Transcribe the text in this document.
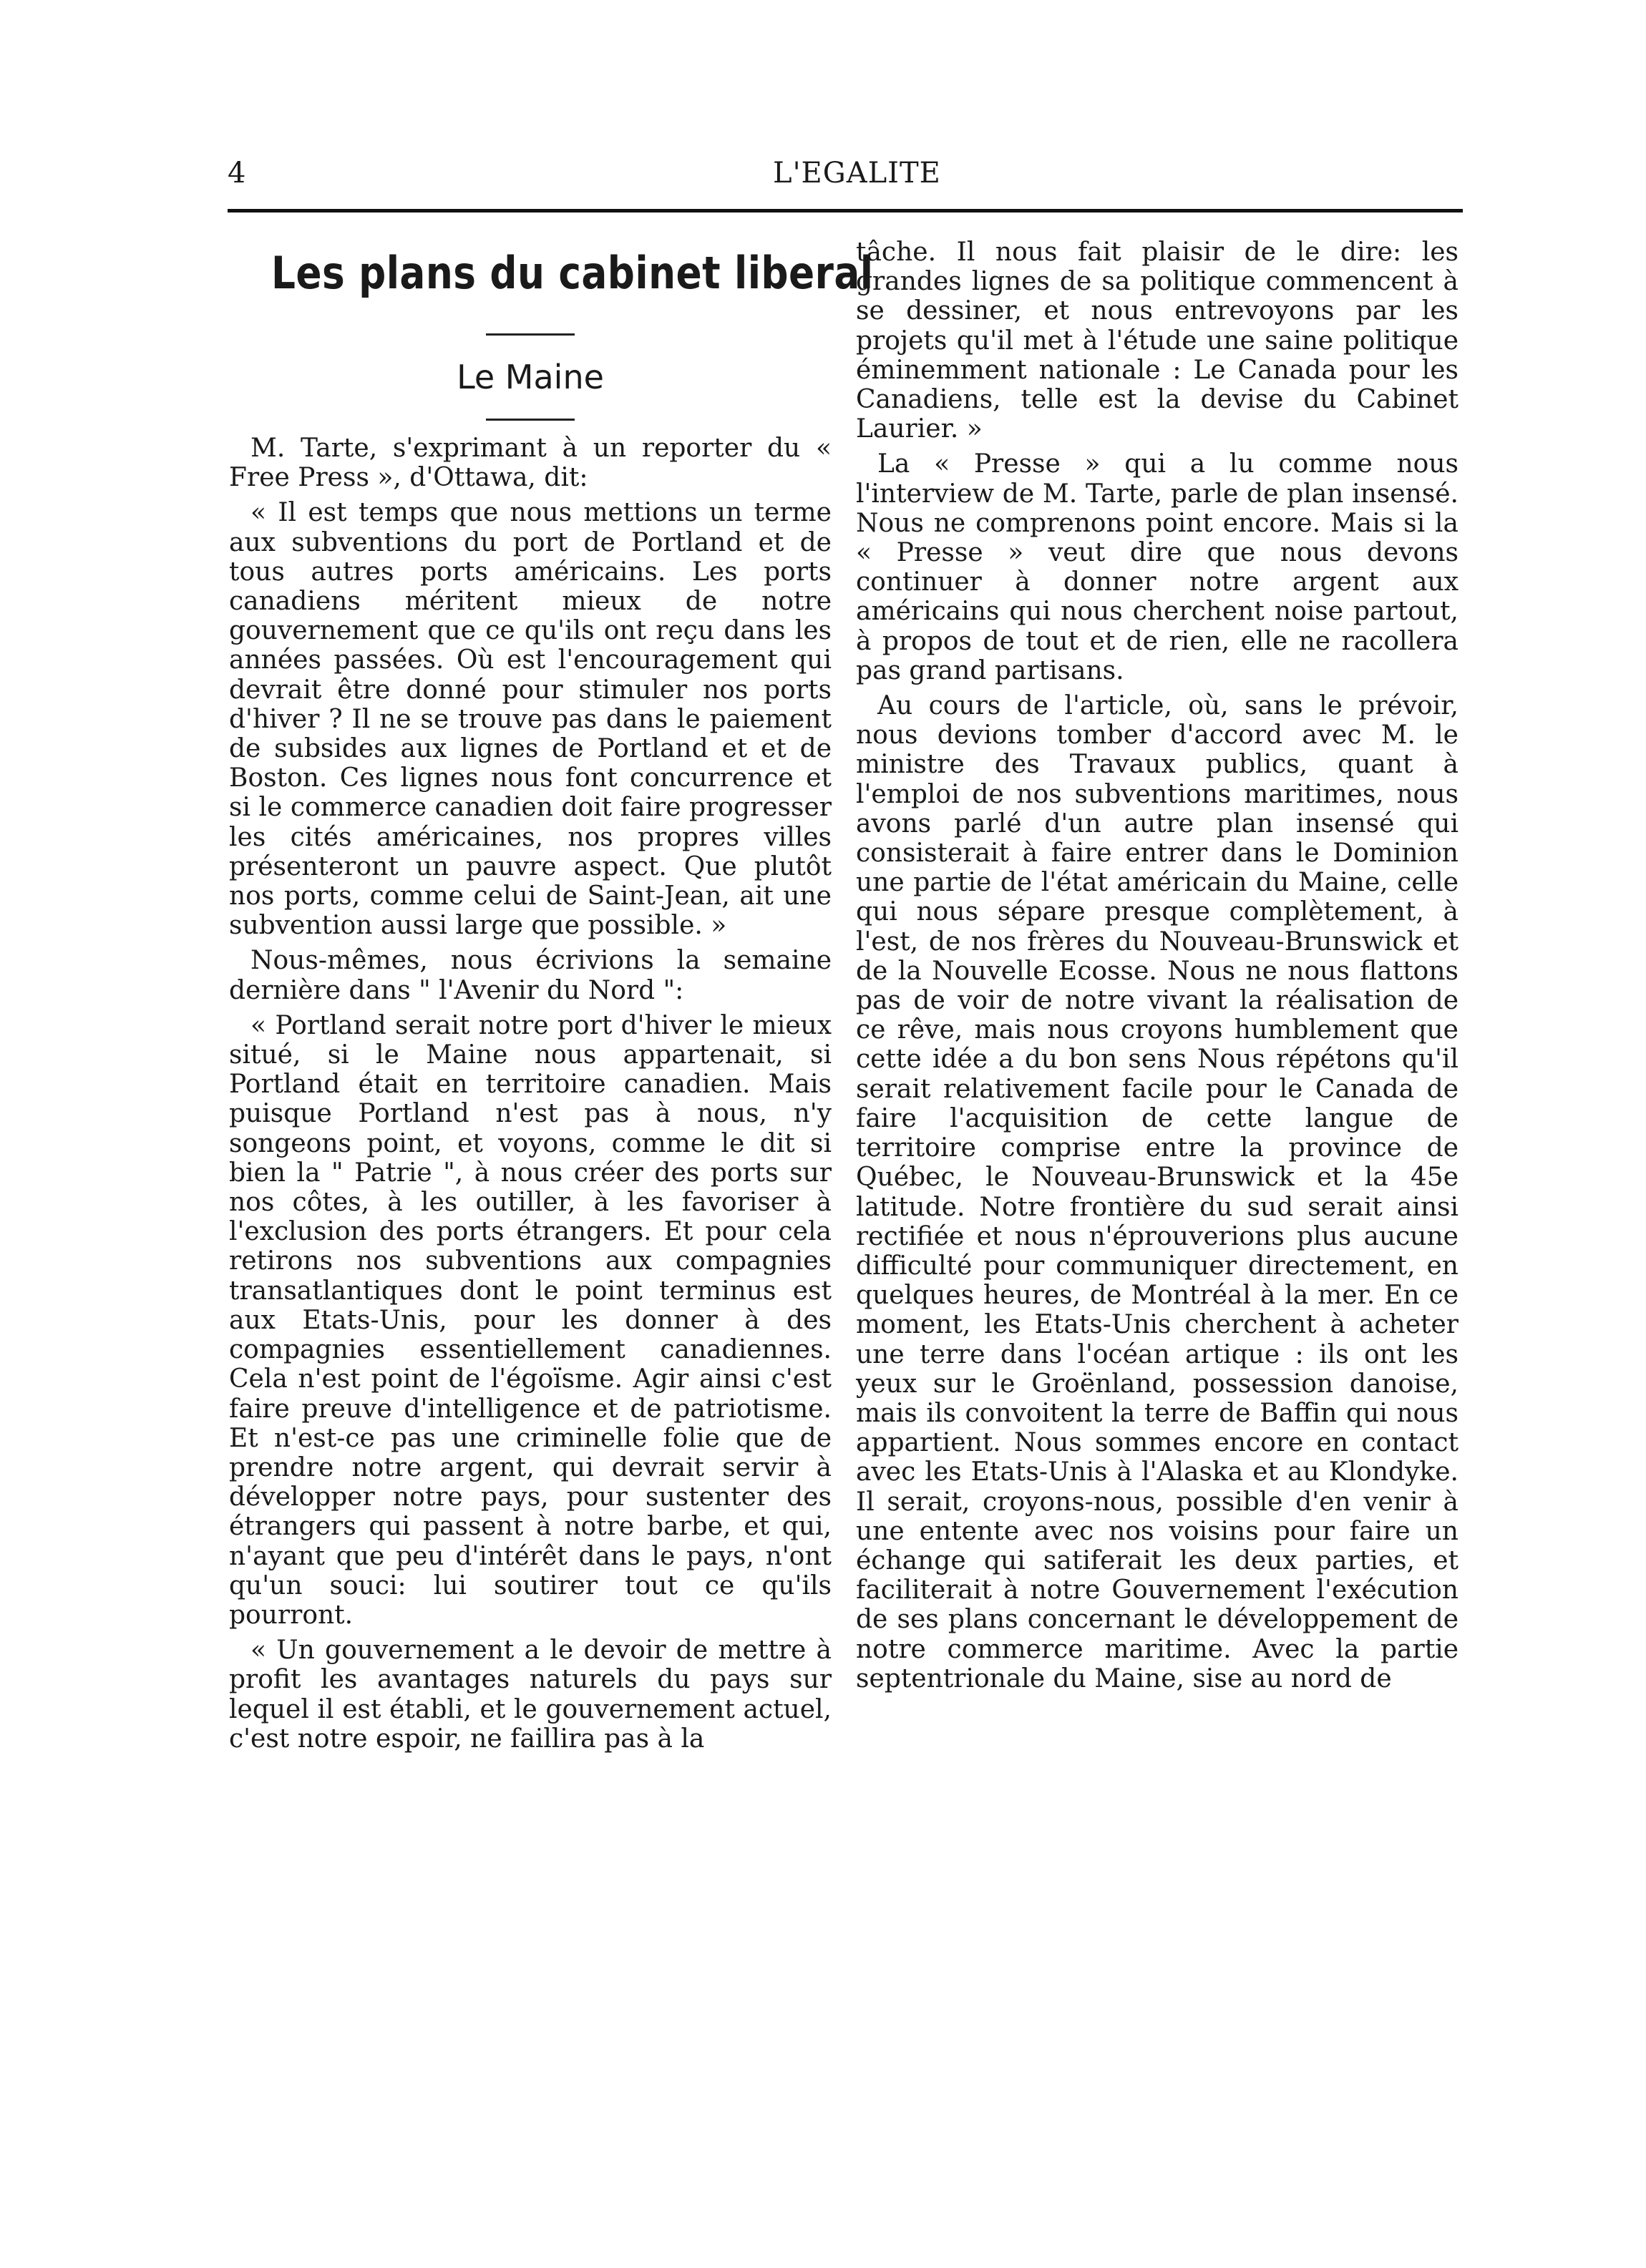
4	L'EGALITE
Les plans du cabinet liberal
Le Maine

M. Tarte, s'exprimant à un reporter du « Free Press », d'Ottawa, dit:

« Il est temps que nous mettions un terme aux subventions du port de Portland et de tous autres ports américains. Les ports canadiens méritent mieux de notre gouvernement que ce qu'ils ont reçu dans les années passées. Où est l'encouragement qui devrait être donné pour stimuler nos ports d'hiver ? Il ne se trouve pas dans le paiement de subsides aux lignes de Portland et et de Boston. Ces lignes nous font concurrence et si le commerce canadien doit faire progresser les cités américaines, nos propres villes présenteront un pauvre aspect. Que plutôt nos ports, comme celui de Saint-Jean, ait une subvention aussi large que possible. »

Nous-mêmes, nous écrivions la semaine dernière dans " l'Avenir du Nord ":

« Portland serait notre port d'hiver le mieux situé, si le Maine nous appartenait, si Portland était en territoire canadien. Mais puisque Portland n'est pas à nous, n'y songeons point, et voyons, comme le dit si bien la " Patrie ", à nous créer des ports sur nos côtes, à les outiller, à les favoriser à l'exclusion des ports étrangers. Et pour cela retirons nos subventions aux compagnies transatlantiques dont le point terminus est aux Etats-Unis, pour les donner à des compagnies essentiellement canadiennes. Cela n'est point de l'égoïsme. Agir ainsi c'est faire preuve d'intelligence et de patriotisme. Et n'est-ce pas une criminelle folie que de prendre notre argent, qui devrait servir à développer notre pays, pour sustenter des étrangers qui passent à notre barbe, et qui, n'ayant que peu d'intérêt dans le pays, n'ont qu'un souci: lui soutirer tout ce qu'ils pourront.

« Un gouvernement a le devoir de mettre à profit les avantages naturels du pays sur lequel il est établi, et le gouvernement actuel, c'est notre espoir, ne faillira pas à la

tâche. Il nous fait plaisir de le dire: les grandes lignes de sa politique commencent à se dessiner, et nous entrevoyons par les projets qu'il met à l'étude une saine politique éminemment nationale : Le Canada pour les Canadiens, telle est la devise du Cabinet Laurier. »

La « Presse » qui a lu comme nous l'interview de M. Tarte, parle de plan insensé. Nous ne comprenons point encore. Mais si la « Presse » veut dire que nous devons continuer à donner notre argent aux américains qui nous cherchent noise partout, à propos de tout et de rien, elle ne racollera pas grand partisans.

Au cours de l'article, où, sans le prévoir, nous devions tomber d'accord avec M. le ministre des Travaux publics, quant à l'emploi de nos subventions maritimes, nous avons parlé d'un autre plan insensé qui consisterait à faire entrer dans le Dominion une partie de l'état américain du Maine, celle qui nous sépare presque complètement, à l'est, de nos frères du Nouveau-Brunswick et de la Nouvelle Ecosse. Nous ne nous flattons pas de voir de notre vivant la réalisation de ce rêve, mais nous croyons humblement que cette idée a du bon sens Nous répétons qu'il serait relativement facile pour le Canada de faire l'acquisition de cette langue de territoire comprise entre la province de Québec, le Nouveau-Brunswick et la 45e latitude. Notre frontière du sud serait ainsi rectifiée et nous n'éprouverions plus aucune difficulté pour communiquer directement, en quelques heures, de Montréal à la mer. En ce moment, les Etats-Unis cherchent à acheter une terre dans l'océan artique : ils ont les yeux sur le Groënland, possession danoise, mais ils convoitent la terre de Baffin qui nous appartient. Nous sommes encore en contact avec les Etats-Unis à l'Alaska et au Klondyke. Il serait, croyons-nous, possible d'en venir à une entente avec nos voisins pour faire un échange qui satiferait les deux parties, et faciliterait à notre Gouvernement l'exécution de ses plans concernant le développement de notre commerce maritime. Avec la partie septentrionale du Maine, sise au nord de
